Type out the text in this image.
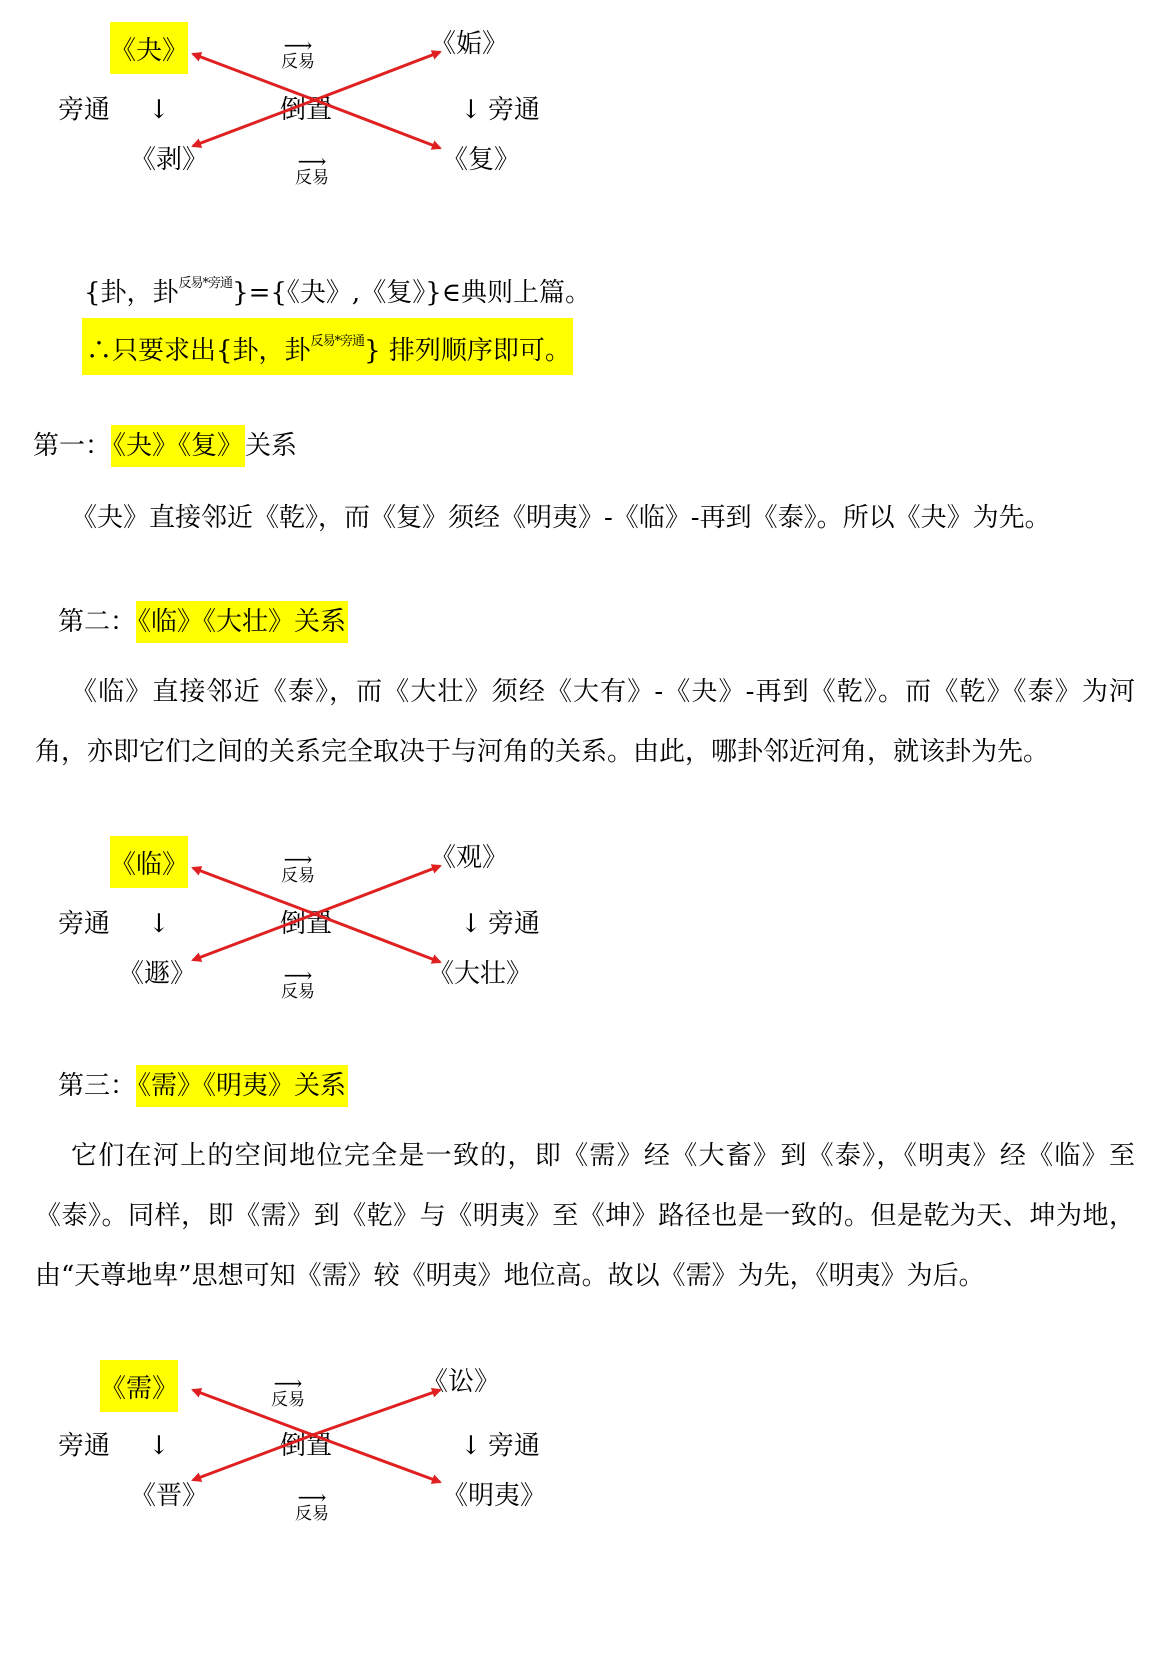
《夬》	《姤》
⟶
反易
旁通 ↓	倒置	↓ 旁通
《剥》	《复》
⟶
反易
{卦，卦$^{反易*旁通}$}={《夬》,《复》}∈典则上篇。
∴只要求出{卦，卦$^{反易*旁通}$} 排列顺序即可。
第一：《夬》《复》关系
《夬》直接邻近《乾》，而《复》须经《明夷》-《临》-再到《泰》。所以《夬》为先。
第二：《临》《大壮》关系
《临》直接邻近《泰》，而《大壮》须经《大有》-《夬》-再到《乾》。而《乾》《泰》为河角，亦即它们之间的关系完全取决于与河角的关系。由此，哪卦邻近河角，就该卦为先。
《临》	《观》
⟶
反易
旁通 ↓	倒置	↓ 旁通
《遯》	《大壮》
⟶
反易
第三：《需》《明夷》关系
它们在河上的空间地位完全是一致的，即《需》经《大畜》到《泰》，《明夷》经《临》至《泰》。同样，即《需》到《乾》与《明夷》至《坤》路径也是一致的。但是乾为天、坤为地，由“天尊地卑”思想可知《需》较《明夷》地位高。故以《需》为先，《明夷》为后。
《需》	《讼》
⟶
反易
旁通 ↓	倒置	↓ 旁通
《晋》	《明夷》
⟶
反易
